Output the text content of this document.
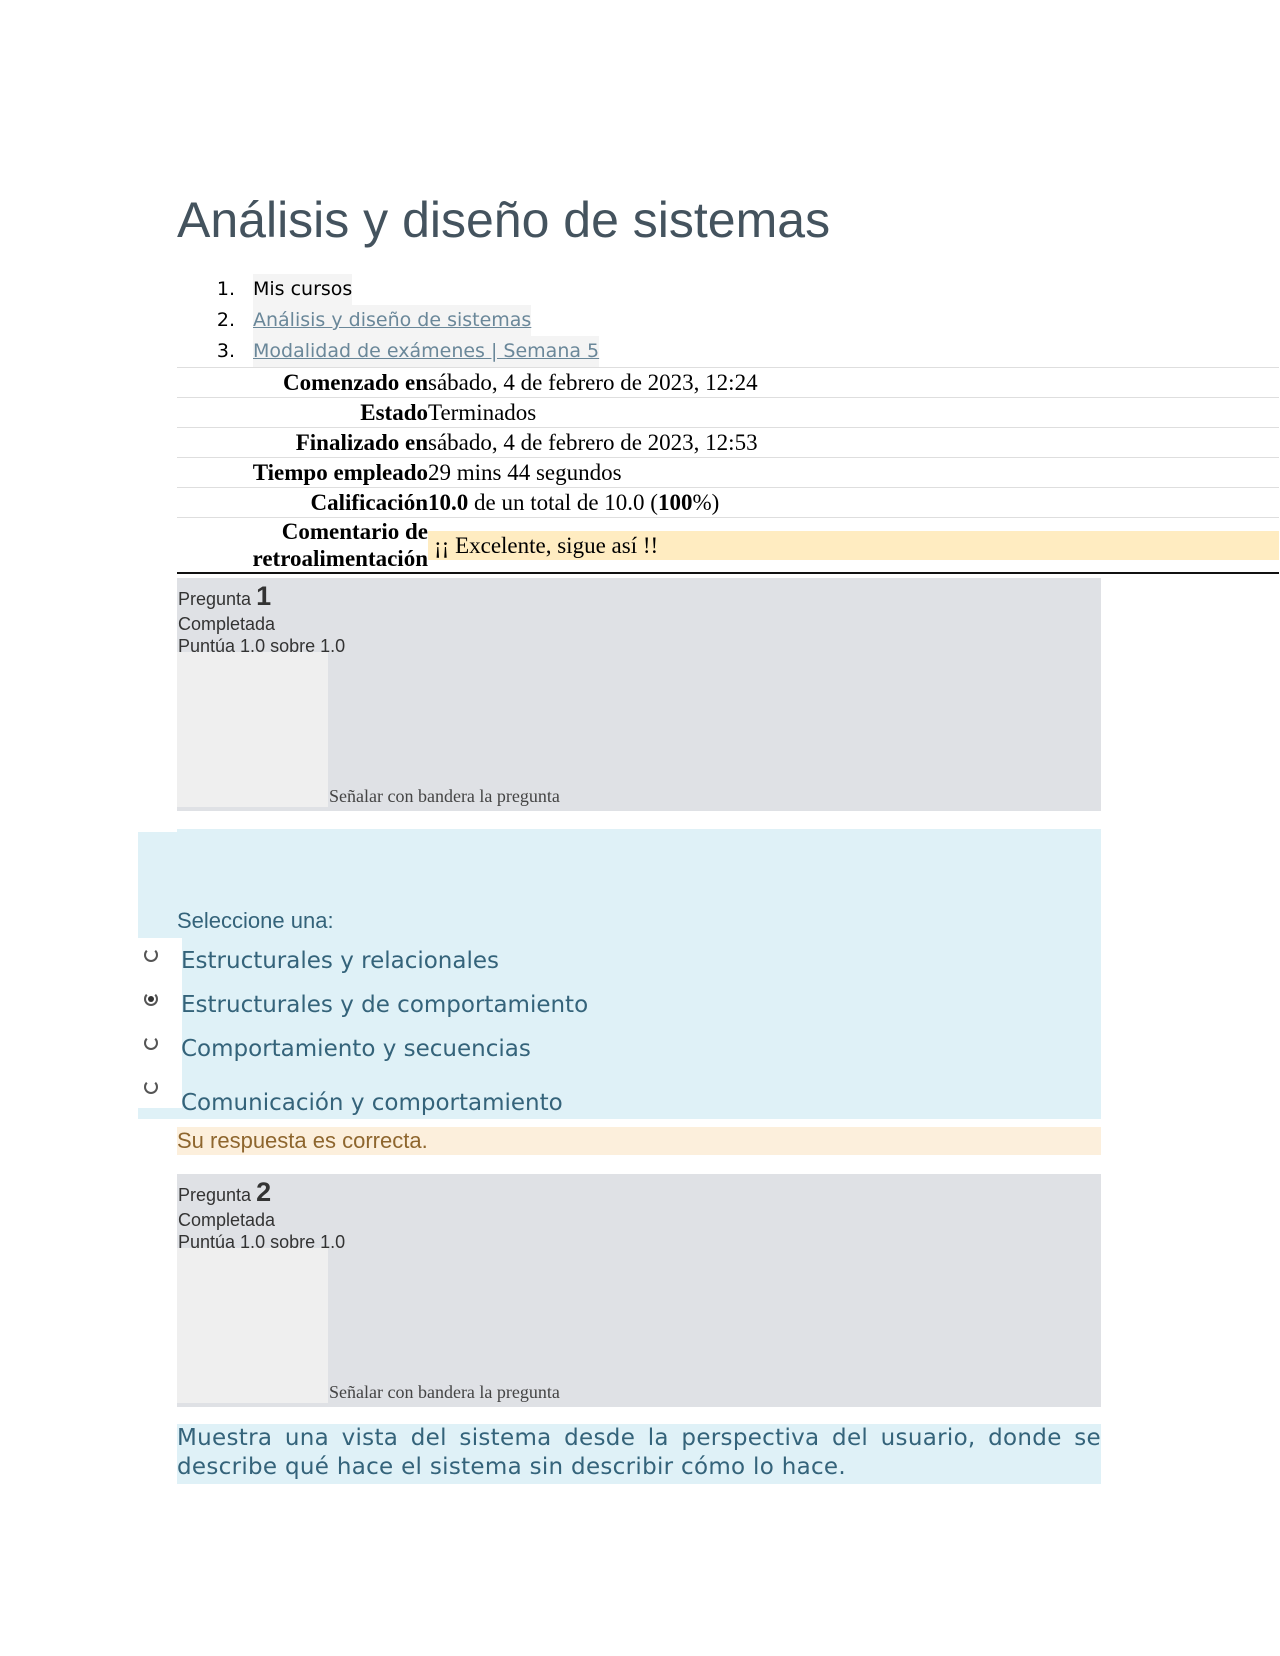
Análisis y diseño de sistemas
1. Mis cursos
2. Análisis y diseño de sistemas
3. Modalidad de exámenes | Semana 5
Comenzado en	sábado, 4 de febrero de 2023, 12:24
Estado	Terminados
Finalizado en	sábado, 4 de febrero de 2023, 12:53
Tiempo empleado	29 mins 44 segundos
Calificación	10.0 de un total de 10.0 (100%)
Comentario de
retroalimentación	¡¡ Excelente, sigue así !!
Pregunta 1
Completada
Puntúa 1.0 sobre 1.0
Señalar con bandera la pregunta
Seleccione una:
Estructurales y relacionales
Estructurales y de comportamiento
Comportamiento y secuencias
Comunicación y comportamiento
Su respuesta es correcta.
Pregunta 2
Completada
Puntúa 1.0 sobre 1.0
Señalar con bandera la pregunta
Muestra una vista del sistema desde la perspectiva del usuario, donde se describe qué hace el sistema sin describir cómo lo hace.
